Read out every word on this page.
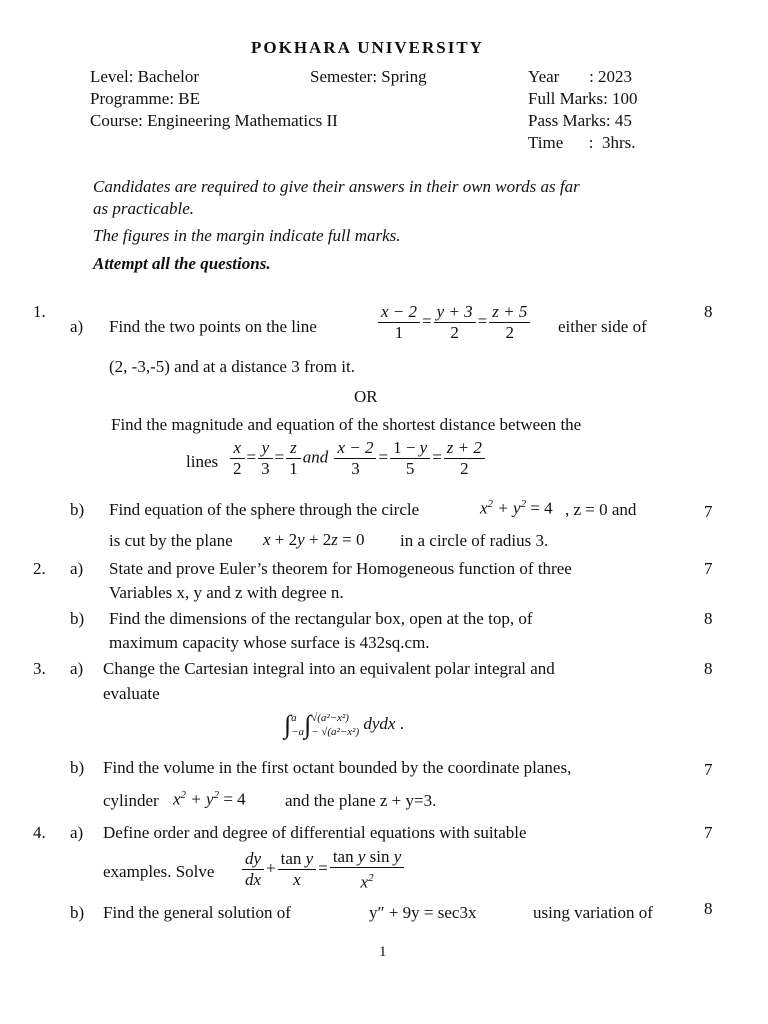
POKHARA UNIVERSITY
Level: Bachelor	Semester: Spring	Year       : 2023
Programme: BE	Full Marks: 100
Course: Engineering Mathematics II	Pass Marks: 45
Time      :  3hrs.
Candidates are required to give their answers in their own words as far
as practicable.
The figures in the margin indicate full marks.
Attempt all the questions.
1.	8
a) Find the two points on the line	$\frac{x - 2}{1} = \frac{y + 3}{2} = \frac{z + 5}{2}$ either side of
(2, -3,-5) and at a distance 3 from it.
OR
Find the magnitude and equation of the shortest distance between the
lines $\frac{x}{2} = \frac{y}{3} = \frac{z}{1}$ and $\frac{x - 2}{3} = \frac{1 - y}{5} = \frac{z + 2}{2}$
b) Find equation of the sphere through the circle	$x^2 + y^2 = 4$ , z = 0 and	7
is cut by the plane x + 2y + 2z = 0 in a circle of radius 3.
2. a) State and prove Euler’s theorem for Homogeneous function of three	7
Variables x, y and z with degree n.
b) Find the dimensions of the rectangular box, open at the top, of	8
maximum capacity whose surface is 432sq.cm.
3. a) Change the Cartesian integral into an equivalent polar integral and	8
evaluate
∫a
−a∫√(a²−x²)
− √(a²−x²) dydx .
b) Find the volume in the first octant bounded by the coordinate planes,	7
cylinder $x^2 + y^2 = 4$ and the plane z + y=3.
4. a) Define order and degree of differential equations with suitable	7
examples. Solve $\frac{dy}{dx} + \frac{\text{tan y}}{x} = \frac{\text{tan y sin y}}{x^2}$
b) Find the general solution of	y″ + 9y = sec3x	using variation of	8
1
